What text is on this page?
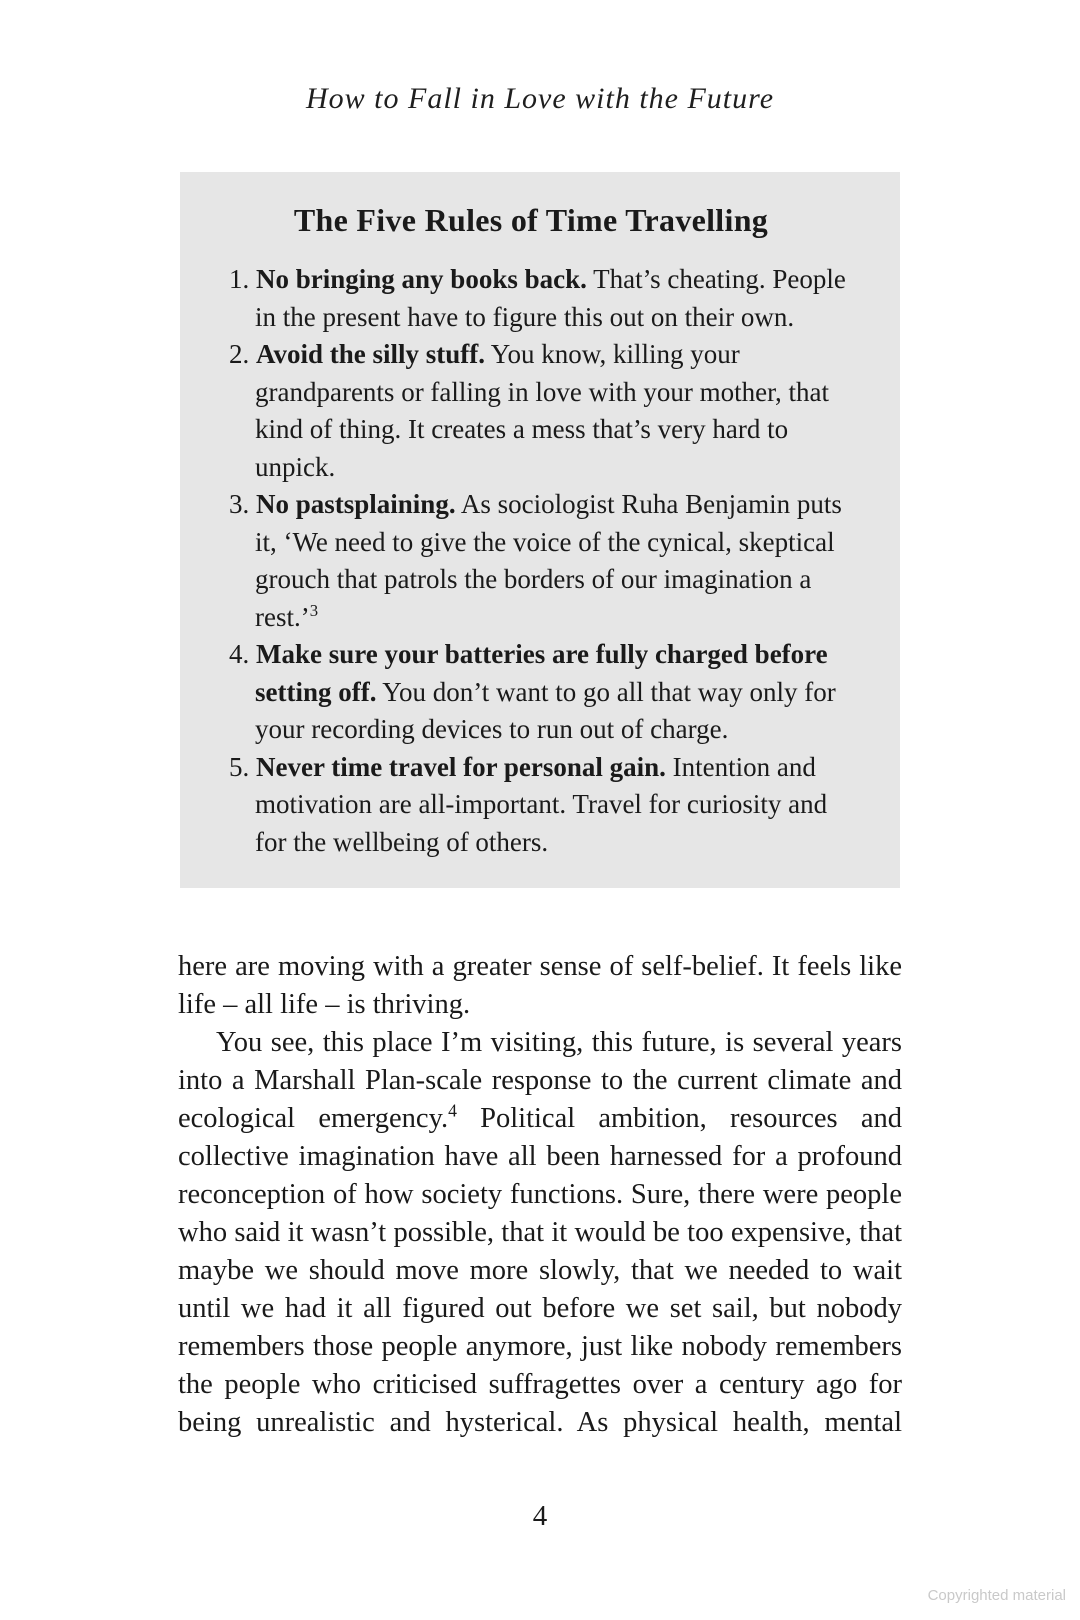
How to Fall in Love with the Future
The Five Rules of Time Travelling

1. No bringing any books back. That’s cheating. People in the present have to figure this out on their own.

2. Avoid the silly stuff. You know, killing your grandparents or falling in love with your mother, that kind of thing. It creates a mess that’s very hard to unpick.

3. No pastsplaining. As sociologist Ruha Benjamin puts it, ‘We need to give the voice of the cynical, skeptical grouch that patrols the borders of our imagination a rest.’$^3$

4. Make sure your batteries are fully charged before setting off. You don’t want to go all that way only for your recording devices to run out of charge.

5. Never time travel for personal gain. Intention and motivation are all-important. Travel for curiosity and for the wellbeing of others.

here are moving with a greater sense of self-belief. It feels like life – all life – is thriving.

You see, this place I’m visiting, this future, is several years into a Marshall Plan-scale response to the current climate and ecological emergency.$^4$ Political ambition, resources and collective imagination have all been harnessed for a profound reconception of how society functions. Sure, there were people who said it wasn’t possible, that it would be too expensive, that maybe we should move more slowly, that we needed to wait until we had it all figured out before we set sail, but nobody remembers those people anymore, just like nobody remembers the people who criticised suffragettes over a century ago for being unrealistic and hysterical. As physical health, mental

4
Copyrighted material
